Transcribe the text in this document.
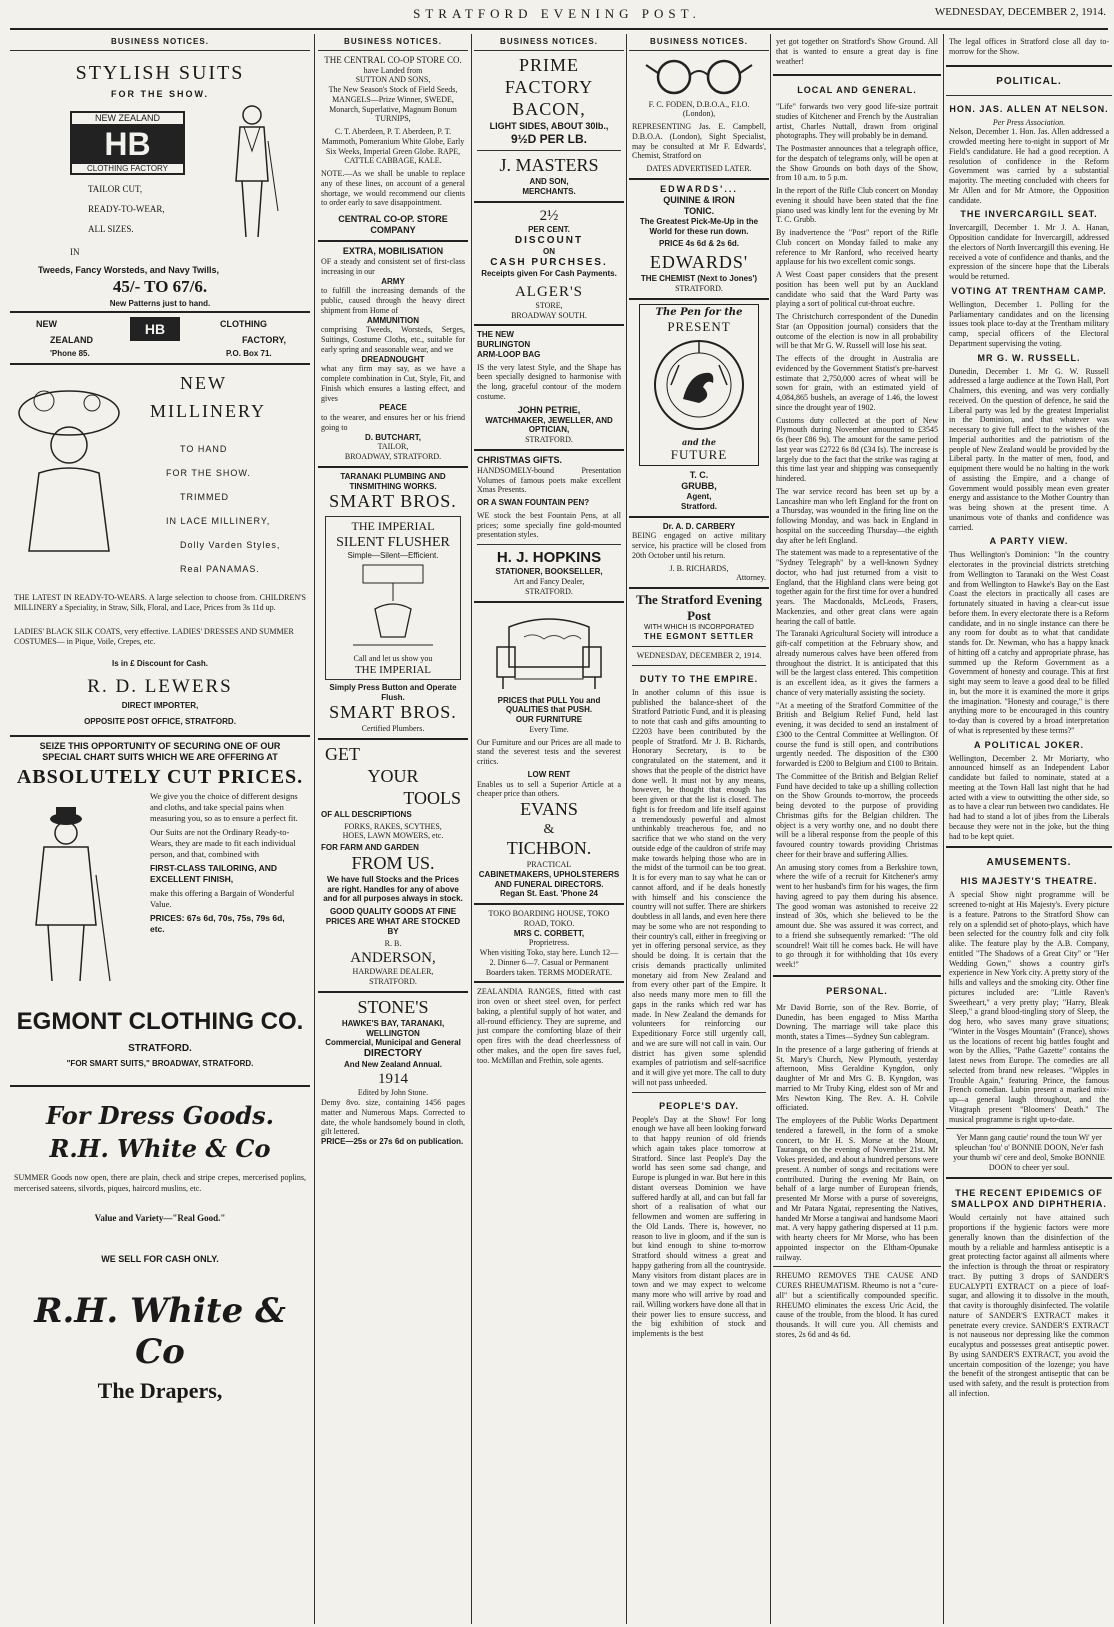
STRATFORD EVENING POST.	WEDNESDAY, DECEMBER 2, 1914.
BUSINESS NOTICES.
STYLISH SUITS
FOR THE SHOW.
NEW ZEALAND
HB
CLOTHING FACTORY
TAILOR CUT,
READY-TO-WEAR,
ALL SIZES.
IN
Tweeds, Fancy Worsteds, and Navy Twills,
45/- TO 67/6.
New Patterns just to hand.
NEW
ZEALAND
'Phone 85.
HB	CLOTHING
FACTORY,
P.O. Box 71.
NEW
MILLINERY
TO HAND
FOR THE SHOW.
TRIMMED
IN LACE MILLINERY,
Dolly Varden Styles,
Real PANAMAS.
THE LATEST IN READY-TO-WEARS. A large selection to choose from. CHILDREN'S MILLINERY a Speciality, in Straw, Silk, Floral, and Lace, Prices from 3s 11d up.
LADIES' BLACK SILK COATS, very effective. LADIES' DRESSES AND SUMMER COSTUMES— in Pique, Voile, Crepes, etc.
Is in £ Discount for Cash.
R. D. LEWERS
DIRECT IMPORTER,
OPPOSITE POST OFFICE, STRATFORD.
SEIZE THIS OPPORTUNITY OF SECURING ONE OF OUR SPECIAL CHART SUITS WHICH WE ARE OFFERING AT
ABSOLUTELY CUT PRICES.
We give you the choice of different designs and cloths, and take special pains when measuring you, so as to ensure a perfect fit.
Our Suits are not the Ordinary Ready-to-Wears, they are made to fit each individual person, and that, combined with
FIRST-CLASS TAILORING, AND EXCELLENT FINISH,
make this offering a Bargain of Wonderful Value.
PRICES: 67s 6d, 70s, 75s, 79s 6d, etc.
EGMONT CLOTHING CO.
STRATFORD.
"FOR SMART SUITS," BROADWAY, STRATFORD.
For Dress Goods.
R.H. White & Co
SUMMER Goods now open, there are plain, check and stripe crepes, mercerised poplins, mercerised sateens, silvords, piques, haircord muslins, etc.
Value and Variety—"Real Good."
WE SELL FOR CASH ONLY.
R.H. White & Co
The Drapers,
BUSINESS NOTICES.
THE CENTRAL CO-OP STORE CO.
have Landed from
SUTTON AND SONS,
The New Season's Stock of Field Seeds, MANGELS—Prize Winner, SWEDE, Monarch, Superlative, Magnum Bonum TURNIPS,
C. T. Aberdeen, P. T. Aberdeen, P. T. Mammoth, Pomeranium White Globe, Early Six Weeks, Imperial Green Globe. RAPE, CATTLE CABBAGE, KALE.
NOTE.—As we shall be unable to replace any of these lines, on account of a general shortage, we would recommend our clients to order early to save disappointment.
CENTRAL CO-OP. STORE COMPANY
EXTRA, MOBILISATION
OF a steady and consistent set of first-class increasing in our
ARMY
to fulfill the increasing demands of the public, caused through the heavy direct shipment from Home of
AMMUNITION
comprising Tweeds, Worsteds, Serges, Suitings, Costume Cloths, etc., suitable for early spring and seasonable wear, and we
DREADNOUGHT
what any firm may say, as we have a complete combination in Cut, Style, Fit, and Finish which ensures a lasting effect, and gives
PEACE
to the wearer, and ensures her or his friend going to
D. BUTCHART,
TAILOR,
BROADWAY, STRATFORD.
TARANAKI PLUMBING AND TINSMITHING WORKS.
SMART BROS.
THE IMPERIAL
SILENT FLUSHER
Simple—Silent—Efficient.
Call and let us show you
THE IMPERIAL
Simply Press Button and Operate Flush.
SMART BROS.
Certified Plumbers.
GET
YOUR
TOOLS
OF ALL DESCRIPTIONS
FORKS, RAKES, SCYTHES, HOES, LAWN MOWERS, etc.
FOR FARM AND GARDEN
FROM US.
We have full Stocks and the Prices are right. Handles for any of above and for all purposes always in stock.
GOOD QUALITY GOODS AT FINE PRICES ARE WHAT ARE STOCKED BY
R. B.
ANDERSON,
HARDWARE DEALER,
STRATFORD.
STONE'S
HAWKE'S BAY, TARANAKI, WELLINGTON
Commercial, Municipal and General
DIRECTORY
And New Zealand Annual.
1914
Edited by John Stone.
Demy 8vo. size, containing 1456 pages matter and Numerous Maps. Corrected to date, the whole handsomely bound in cloth, gilt lettered.
PRICE—25s or 27s 6d on publication.
BUSINESS NOTICES.
PRIME
FACTORY
BACON,
LIGHT SIDES, ABOUT 30lb.,
9½D PER LB.
J. MASTERS
AND SON,
MERCHANTS.
2½
PER CENT.
DISCOUNT
ON
CASH PURCHSES.
Receipts given For Cash Payments.
ALGER'S
STORE,
BROADWAY SOUTH.
THE NEW
BURLINGTON
ARM-LOOP BAG
IS the very latest Style, and the Shape has been specially designed to harmonise with the long, graceful contour of the modern costume.
JOHN PETRIE,
WATCHMAKER, JEWELLER, AND OPTICIAN,
STRATFORD.
CHRISTMAS GIFTS.
HANDSOMELY-bound Presentation Volumes of famous poets make excellent Xmas Presents.
OR A SWAN FOUNTAIN PEN?
WE stock the best Fountain Pens, at all prices; some specially fine gold-mounted presentation styles.
H. J. HOPKINS
STATIONER, BOOKSELLER,
Art and Fancy Dealer,
STRATFORD.
PRICES that PULL You and QUALITIES that PUSH.
OUR FURNITURE
Every Time.
Our Furniture and our Prices are all made to stand the severest tests and the severest critics.
LOW RENT
Enables us to sell a Superior Article at a cheaper price than others.
EVANS
&
TICHBON.
PRACTICAL
CABINETMAKERS, UPHOLSTERERS AND FUNERAL DIRECTORS.
Regan St. East. 'Phone 24
TOKO BOARDING HOUSE, TOKO ROAD, TOKO.
MRS C. CORBETT,
Proprietress.
When visiting Toko, stay here. Lunch 12—2. Dinner 6—7. Casual or Permanent Boarders taken. TERMS MODERATE.
ZEALANDIA RANGES, fitted with cast iron oven or sheet steel oven, for perfect baking, a plentiful supply of hot water, and all-round efficiency. They are supreme, and just compare the comforting blaze of their open fires with the dead cheerlessness of other makes, and the open fire saves fuel, too. McMillan and Frethin, sole agents.
BUSINESS NOTICES.
F. C. FODEN, D.B.O.A., F.I.O.
(London),
REPRESENTING Jas. E. Campbell, D.B.O.A. (London), Sight Specialist, may be consulted at Mr F. Edwards', Chemist, Stratford on
DATES ADVERTISED LATER.
EDWARDS'...
QUININE & IRON
TONIC.
The Greatest Pick-Me-Up in the World for these run down.
PRICE 4s 6d & 2s 6d.
EDWARDS'
THE CHEMIST (Next to Jones')
STRATFORD.
The Pen for the
PRESENT
and the
FUTURE
T. C.
GRUBB,
Agent,
Stratford.
Dr. A. D. CARBERY
BEING engaged on active military service, his practice will be closed from 20th October until his return.
J. B. RICHARDS,
Attorney.
The Stratford Evening Post
WITH WHICH IS INCORPORATED
THE EGMONT SETTLER
WEDNESDAY, DECEMBER 2, 1914.
DUTY TO THE EMPIRE.
In another column of this issue is published the balance-sheet of the Stratford Patriotic Fund, and it is pleasing to note that cash and gifts amounting to £2203 have been contributed by the people of Stratford. Mr J. B. Richards, Honorary Secretary, is to be congratulated on the statement, and it shows that the people of the district have done well. It must not by any means, however, be thought that enough has been given or that the list is closed. The fight is for freedom and life itself against a tremendously powerful and almost unthinkably treacherous foe, and no sacrifice that we who stand on the very outside edge of the cauldron of strife may make towards helping those who are in the midst of the turmoil can be too great. It is for every man to say what he can or cannot afford, and if he deals honestly with himself and his conscience the country will not suffer. There are shirkers doubtless in all lands, and even here there may be some who are not responding to their country's call, either in freegiving or yet in offering personal service, as they should be doing. It is certain that the crisis demands practically unlimited monetary aid from New Zealand and from every other part of the Empire. It also needs many more men to fill the gaps in the ranks which red war has made. In New Zealand the demands for volunteers for reinforcing our Expeditionary Force still urgently call, and we are sure will not call in vain. Our district has given some splendid examples of patriotism and self-sacrifice and it will give yet more. The call to duty will not pass unheeded.
PEOPLE'S DAY.
People's Day at the Show! For long enough we have all been looking forward to that happy reunion of old friends which again takes place tomorrow at Stratford. Since last People's Day the world has seen some sad change, and Europe is plunged in war. But here in this distant overseas Dominion we have suffered hardly at all, and can but fall far short of a realisation of what our fellowmen and women are suffering in the Old Lands. There is, however, no reason to live in gloom, and if the sun is but kind enough to shine to-morrow Stratford should witness a great and happy gathering from all the countryside. Many visitors from distant places are in town and we may expect to welcome many more who will arrive by road and rail. Willing workers have done all that in their power lies to ensure success, and the big exhibition of stock and implements is the best
yet got together on Stratford's Show Ground. All that is wanted to ensure a great day is fine weather!
LOCAL AND GENERAL.
"Life" forwards two very good life-size portrait studies of Kitchener and French by the Australian artist, Charles Nuttall, drawn from original photographs. They will probably be in demand.
The Postmaster announces that a telegraph office, for the despatch of telegrams only, will be open at the Show Grounds on both days of the Show, from 10 a.m. to 5 p.m.
In the report of the Rifle Club concert on Monday evening it should have been stated that the fine piano used was kindly lent for the evening by Mr T. C. Grubb.
By inadvertence the "Post" report of the Rifle Club concert on Monday failed to make any reference to Mr Ranford, who received hearty applause for his two excellent comic songs.
A West Coast paper considers that the present position has been well put by an Auckland candidate who said that the Ward Party was playing a sort of political cut-throat euchre.
The Christchurch correspondent of the Dunedin Star (an Opposition journal) considers that the outcome of the election is now in all probability will be that Mr G. W. Russell will lose his seat.
The effects of the drought in Australia are evidenced by the Government Statist's pre-harvest estimate that 2,750,000 acres of wheat will be sown for grain, with an estimated yield of 4,084,865 bushels, an average of 1.46, the lowest since the drought year of 1902.
Customs duty collected at the port of New Plymouth during November amounted to £3545 6s (beer £86 9s). The amount for the same period last year was £2722 6s 8d (£34 Is). The increase is largely due to the fact that the strike was raging at this time last year and shipping was consequently hindered.
The war service record has been set up by a Lancashire man who left England for the front on a Thursday, was wounded in the firing line on the following Monday, and was back in England in hospital on the succeeding Thursday—the eighth day after he left England.
The statement was made to a representative of the "Sydney Telegraph" by a well-known Sydney doctor, who had just returned from a visit to England, that the Highland clans were being got together again for the first time for over a hundred years. The Macdonalds, McLeods, Frasers, Mackenzies, and other great clans were again hearing the call of battle.
The Taranaki Agricultural Society will introduce a gift-calf competition at the February show, and already numerous calves have been offered from throughout the district. It is anticipated that this will be the largest class entered. This competition is an excellent idea, as it gives the farmers a chance of very materially assisting the society.
"At a meeting of the Stratford Committee of the British and Belgium Relief Fund, held last evening, it was decided to send an instalment of £300 to the Central Committee at Wellington. Of course the fund is still open, and contributions urgently needed. The disposition of the £300 forwarded is £200 to Belgium and £100 to Britain.
The Committee of the British and Belgian Relief Fund have decided to take up a shilling collection on the Show Grounds to-morrow, the proceeds being devoted to the purpose of providing Christmas gifts for the Belgian children. The object is a very worthy one, and no doubt there will be a liberal response from the people of this favoured country towards providing Christmas cheer for their brave and suffering Allies.
An amusing story comes from a Berkshire town, where the wife of a recruit for Kitchener's army went to her husband's firm for his wages, the firm having agreed to pay them during his absence. The good woman was astonished to receive 22 instead of 30s, which she believed to be the amount due. She was assured it was correct, and to a friend she subsequently remarked: "The old scoundrel! Wait till he comes back. He will have to go through it for withholding that 10s every week!"
PERSONAL.
Mr David Borrie, son of the Rev. Borrie, of Dunedin, has been engaged to Miss Martha Downing. The marriage will take place this month, states a Times—Sydney Sun cablegram.
In the presence of a large gathering of friends at St. Mary's Church, New Plymouth, yesterday afternoon, Miss Geraldine Kyngdon, only daughter of Mr and Mrs G. B. Kyngdon, was married to Mr Truby King, eldest son of Mr and Mrs Newton King. The Rev. A. H. Colvile officiated.
The employees of the Public Works Department tendered a farewell, in the form of a smoke concert, to Mr H. S. Morse at the Mount, Tauranga, on the evening of November 21st. Mr Vokes presided, and about a hundred persons were present. A number of songs and recitations were contributed. During the evening Mr Bain, on behalf of a large number of European friends, presented Mr Morse with a purse of sovereigns, and Mr Patara Ngatai, representing the Natives, handed Mr Morse a tangiwai and handsome Maori mat. A very happy gathering dispersed at 11 p.m. with hearty cheers for Mr Morse, who has been appointed inspector on the Eltham-Opunake railway.
RHEUMO REMOVES THE CAUSE AND CURES RHEUMATISM. Rheumo is not a "cure-all" but a scientifically compounded specific. RHEUMO eliminates the excess Uric Acid, the cause of the trouble, from the blood. It has cured thousands. It will cure you. All chemists and stores, 2s 6d and 4s 6d.
The legal offices in Stratford close all day to-morrow for the Show.
POLITICAL.
HON. JAS. ALLEN AT NELSON.
Per Press Association.
Nelson, December 1. Hon. Jas. Allen addressed a crowded meeting here to-night in support of Mr Field's candidature. He had a good reception. A resolution of confidence in the Reform Government was carried by a substantial majority. The meeting concluded with cheers for Mr Allen and for Mr Atmore, the Opposition candidate.
THE INVERCARGILL SEAT.
Invercargill, December 1. Mr J. A. Hanan, Opposition candidate for Invercargill, addressed the electors of North Invercargill this evening. He received a vote of confidence and thanks, and the expression of the sincere hope that the Liberals would be returned.
VOTING AT TRENTHAM CAMP.
Wellington, December 1. Polling for the Parliamentary candidates and on the licensing issues took place to-day at the Trentham military camp, special officers of the Electoral Department supervising the voting.
MR G. W. RUSSELL.
Dunedin, December 1. Mr G. W. Russell addressed a large audience at the Town Hall, Port Chalmers, this evening, and was very cordially received. On the question of defence, he said the Liberal party was led by the greatest Imperialist in the Dominion, and that whatever was necessary to give full effect to the wishes of the Imperial authorities and the patriotism of the people of New Zealand would be provided by the Liberal party. In the matter of men, food, and equipment there would be no halting in the work of assisting the Empire, and a change of Government would possibly mean even greater energy and assistance to the Mother Country than was being shown at the present time. A unanimous vote of thanks and confidence was carried.
A PARTY VIEW.
Thus Wellington's Dominion: "In the country electorates in the provincial districts stretching from Wellington to Taranaki on the West Coast and from Wellington to Hawke's Bay on the East Coast the electors in practically all cases are fortunately situated in having a clear-cut issue before them. In every electorate there is a Reform candidate, and in no single instance can there be any room for doubt as to what that candidate stands for. Dr. Newman, who has a happy knack of hitting off a catchy and appropriate phrase, has summed up the Reform Government as a Government of honesty and courage. This at first sight may seem to leave a good deal to be filled in, but the more it is examined the more it grips the imagination. "Honesty and courage," is there anything more to be encouraged in this country to-day than is covered by a broad interpretation of what is represented by these terms?"
A POLITICAL JOKER.
Wellington, December 2. Mr Moriarty, who announced himself as an Independent Labor candidate but failed to nominate, stated at a meeting at the Town Hall last night that he had acted with a view to outwitting the other side, so as to have a clear run between two candidates. He had had to stand a lot of jibes from the Liberals because they were not in the joke, but the thing had to be kept quiet.
AMUSEMENTS.
HIS MAJESTY'S THEATRE.
A special Show night programme will be screened to-night at His Majesty's. Every picture is a feature. Patrons to the Stratford Show can rely on a splendid set of photo-plays, which have been selected for the country folk and city folk alike. The feature play by the A.B. Company, entitled "The Shadows of a Great City" or "Her Wedding Gown," shows a country girl's experience in New York city. A pretty story of the hills and valleys and the smoking city. Other fine pictures included are: "Little Raven's Sweetheart," a very pretty play; "Harry, Bleak Sleep," a grand blood-tingling story of Sleep, the dog hero, who saves many grave situations; "Winter in the Vosges Mountain" (France), shows us the locations of recent big battles fought and won by the Allies, "Pathe Gazette" contains the latest news from Europe. The comedies are all selected from brand new releases. "Wipples in Trouble Again," featuring Prince, the famous French comedian. Lubin present a marked mix-up—a general laugh throughout, and the Vitagraph present "Bloomers' Death." The musical programme is right up-to-date.
Yer Mann gang cautie' round the toun Wi' yer spleuchan 'fou' o' BONNIE DOON, Ne'er fash your thumb wi' cere and deol, Smoke BONNIE DOON to cheer yer soul.
THE RECENT EPIDEMICS OF SMALLPOX AND DIPHTHERIA.
Would certainly not have attained such proportions if the hygienic factors were more generally known than the disinfection of the mouth by a reliable and harmless antiseptic is a great protecting factor against all ailments where the infection is through the throat or respiratory tract. By putting 3 drops of SANDER'S EUCALYPTI EXTRACT on a piece of loaf-sugar, and allowing it to dissolve in the mouth, that cavity is thoroughly disinfected. The volatile nature of SANDER'S EXTRACT makes it penetrate every crevice. SANDER'S EXTRACT is not nauseous nor depressing like the common eucalyptus and possesses great antiseptic power. By using SANDER'S EXTRACT, you avoid the uncertain composition of the lozenge; you have the benefit of the strongest antiseptic that can be used with safety, and the result is protection from all infection.
